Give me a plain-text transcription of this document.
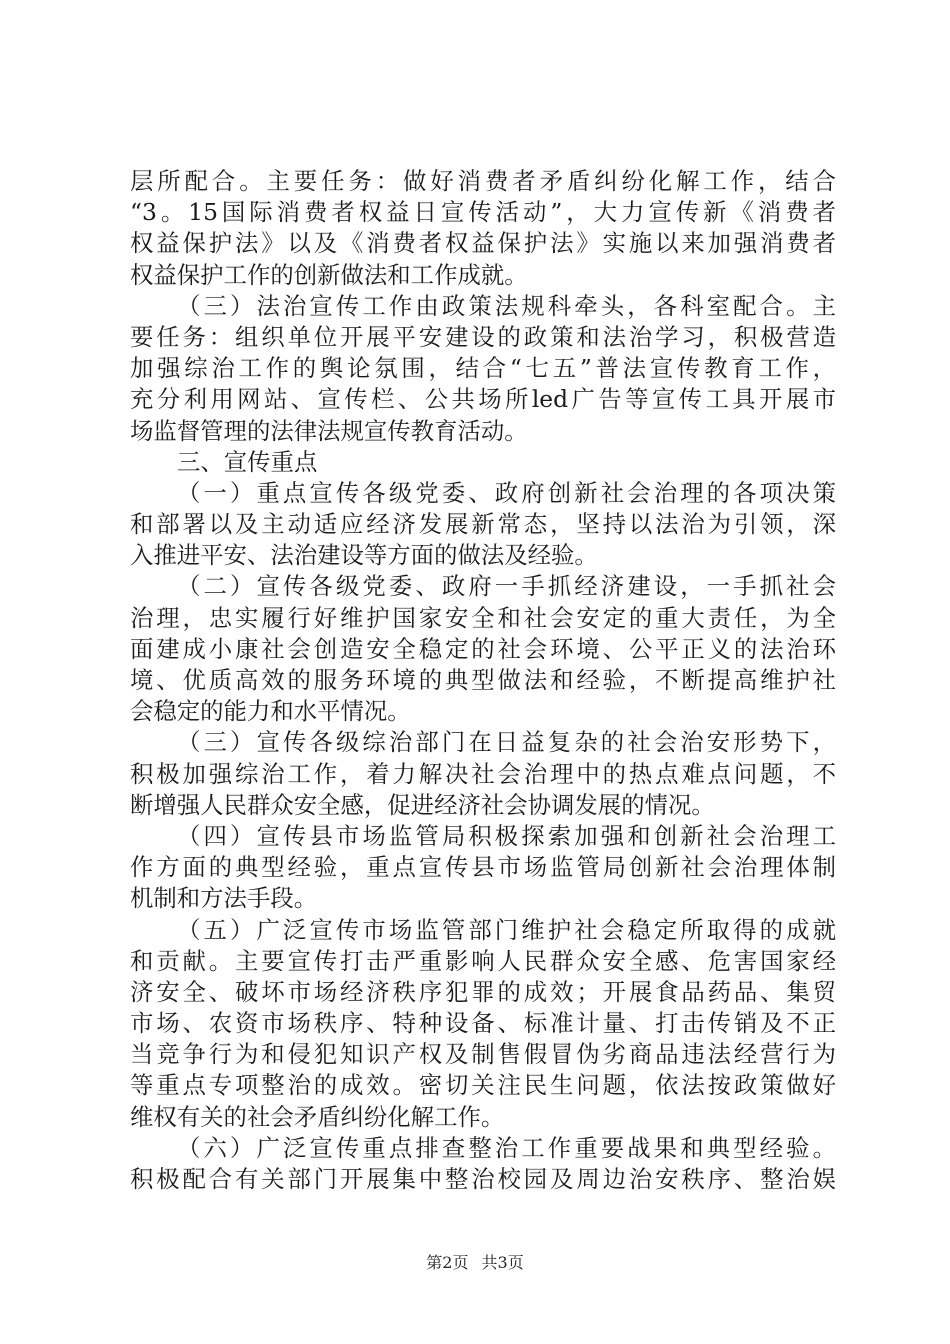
层所配合。主要任务：做好消费者矛盾纠纷化解工作，结合
“3。15国际消费者权益日宣传活动”，大力宣传新《消费者
权益保护法》以及《消费者权益保护法》实施以来加强消费者
权益保护工作的创新做法和工作成就。
（三）法治宣传工作由政策法规科牵头，各科室配合。主
要任务：组织单位开展平安建设的政策和法治学习，积极营造
加强综治工作的舆论氛围，结合“七五”普法宣传教育工作，
充分利用网站、宣传栏、公共场所led广告等宣传工具开展市
场监督管理的法律法规宣传教育活动。
三、宣传重点
（一）重点宣传各级党委、政府创新社会治理的各项决策
和部署以及主动适应经济发展新常态，坚持以法治为引领，深
入推进平安、法治建设等方面的做法及经验。
（二）宣传各级党委、政府一手抓经济建设，一手抓社会
治理，忠实履行好维护国家安全和社会安定的重大责任，为全
面建成小康社会创造安全稳定的社会环境、公平正义的法治环
境、优质高效的服务环境的典型做法和经验，不断提高维护社
会稳定的能力和水平情况。
（三）宣传各级综治部门在日益复杂的社会治安形势下，
积极加强综治工作，着力解决社会治理中的热点难点问题，不
断增强人民群众安全感，促进经济社会协调发展的情况。
（四）宣传县市场监管局积极探索加强和创新社会治理工
作方面的典型经验，重点宣传县市场监管局创新社会治理体制
机制和方法手段。
（五）广泛宣传市场监管部门维护社会稳定所取得的成就
和贡献。主要宣传打击严重影响人民群众安全感、危害国家经
济安全、破坏市场经济秩序犯罪的成效；开展食品药品、集贸
市场、农资市场秩序、特种设备、标准计量、打击传销及不正
当竞争行为和侵犯知识产权及制售假冒伪劣商品违法经营行为
等重点专项整治的成效。密切关注民生问题，依法按政策做好
维权有关的社会矛盾纠纷化解工作。
（六）广泛宣传重点排查整治工作重要战果和典型经验。
积极配合有关部门开展集中整治校园及周边治安秩序、整治娱
第2页 共3页
